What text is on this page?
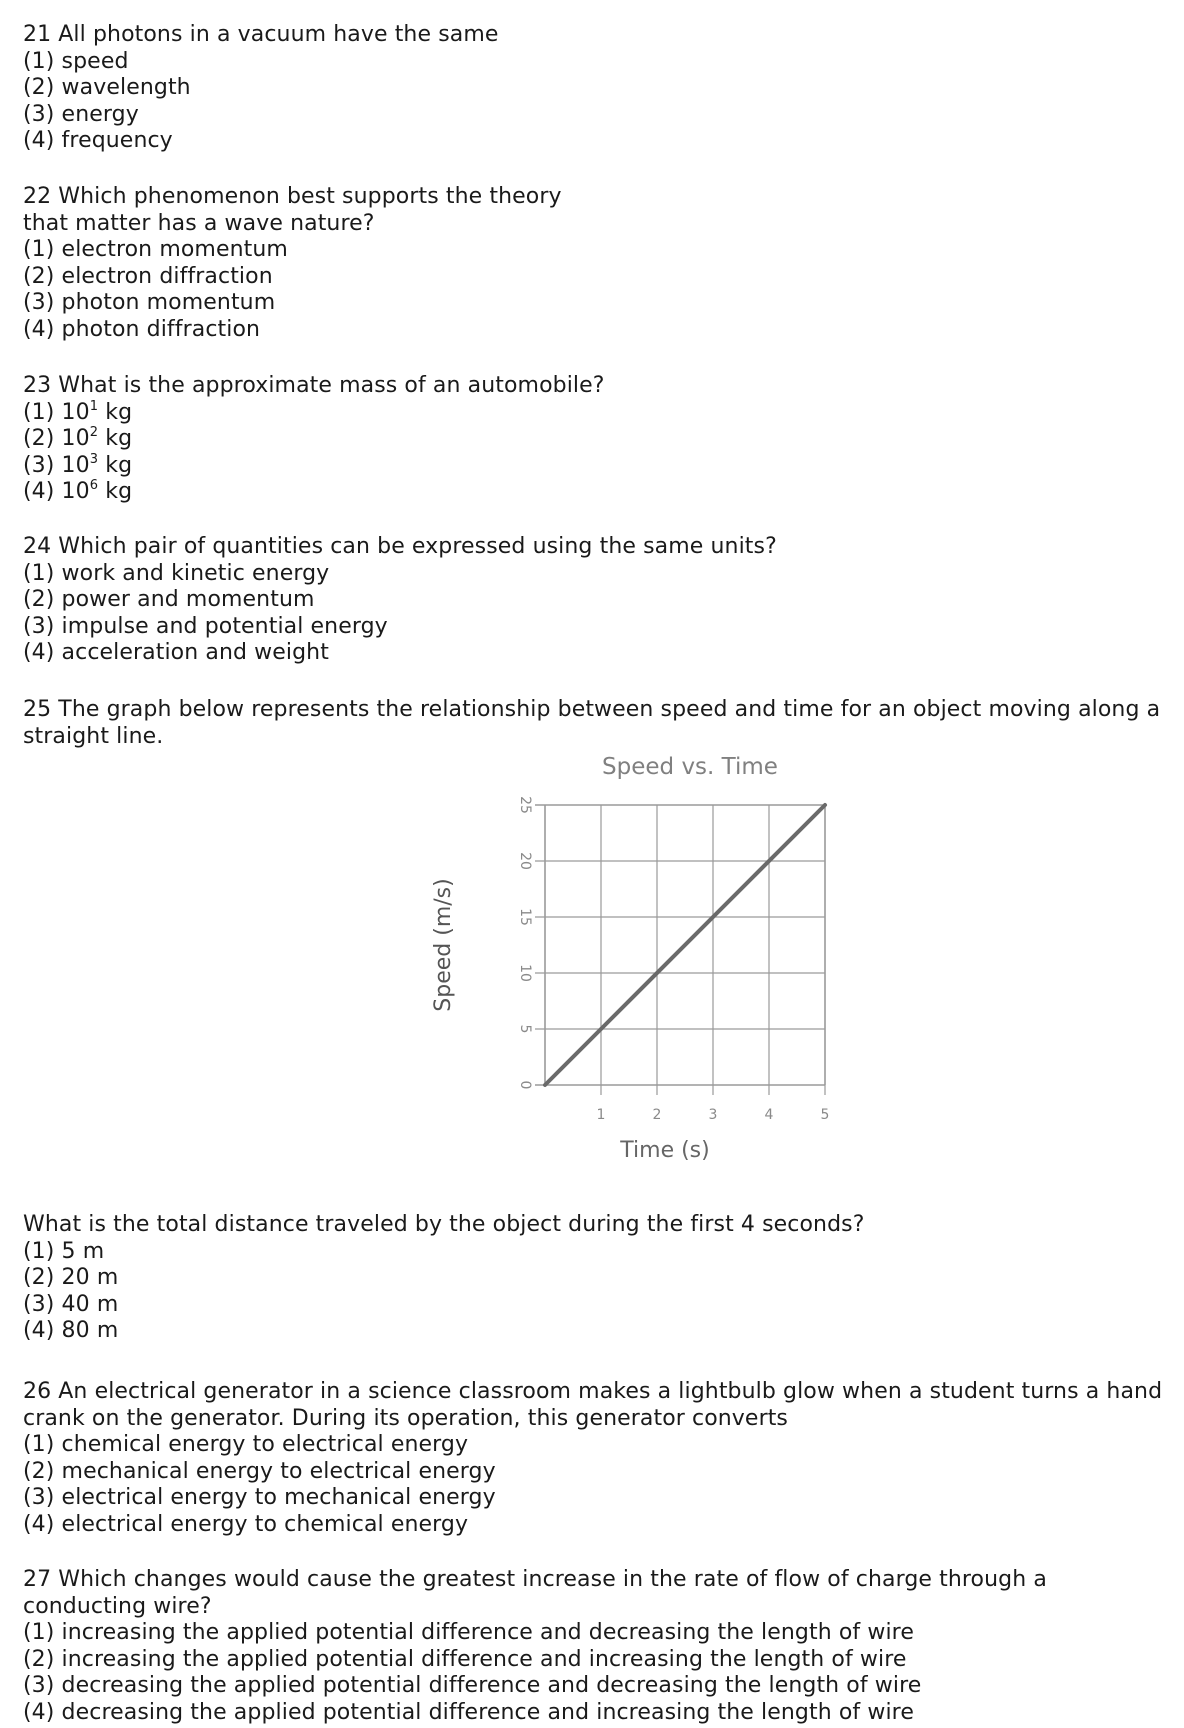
21 All photons in a vacuum have the same
(1) speed
(2) wavelength
(3) energy
(4) frequency
22 Which phenomenon best supports the theory
that matter has a wave nature?
(1) electron momentum
(2) electron diffraction
(3) photon momentum
(4) photon diffraction
23 What is the approximate mass of an automobile?
(1) $10^1$ kg
(2) $10^2$ kg
(3) $10^3$ kg
(4) $10^6$ kg
24 Which pair of quantities can be expressed using the same units?
(1) work and kinetic energy
(2) power and momentum
(3) impulse and potential energy
(4) acceleration and weight
25 The graph below represents the relationship between speed and time for an object moving along a straight line.
Speed vs. Time
Speed (m/s)
Time (s)
1	2	3	4	5
0
5
10
15
20
25
What is the total distance traveled by the object during the first 4 seconds?
(1) 5 m
(2) 20 m
(3) 40 m
(4) 80 m
26 An electrical generator in a science classroom makes a lightbulb glow when a student turns a hand crank on the generator. During its operation, this generator converts
(1) chemical energy to electrical energy
(2) mechanical energy to electrical energy
(3) electrical energy to mechanical energy
(4) electrical energy to chemical energy
27 Which changes would cause the greatest increase in the rate of flow of charge through a conducting wire?
(1) increasing the applied potential difference and decreasing the length of wire
(2) increasing the applied potential difference and increasing the length of wire
(3) decreasing the applied potential difference and decreasing the length of wire
(4) decreasing the applied potential difference and increasing the length of wire
